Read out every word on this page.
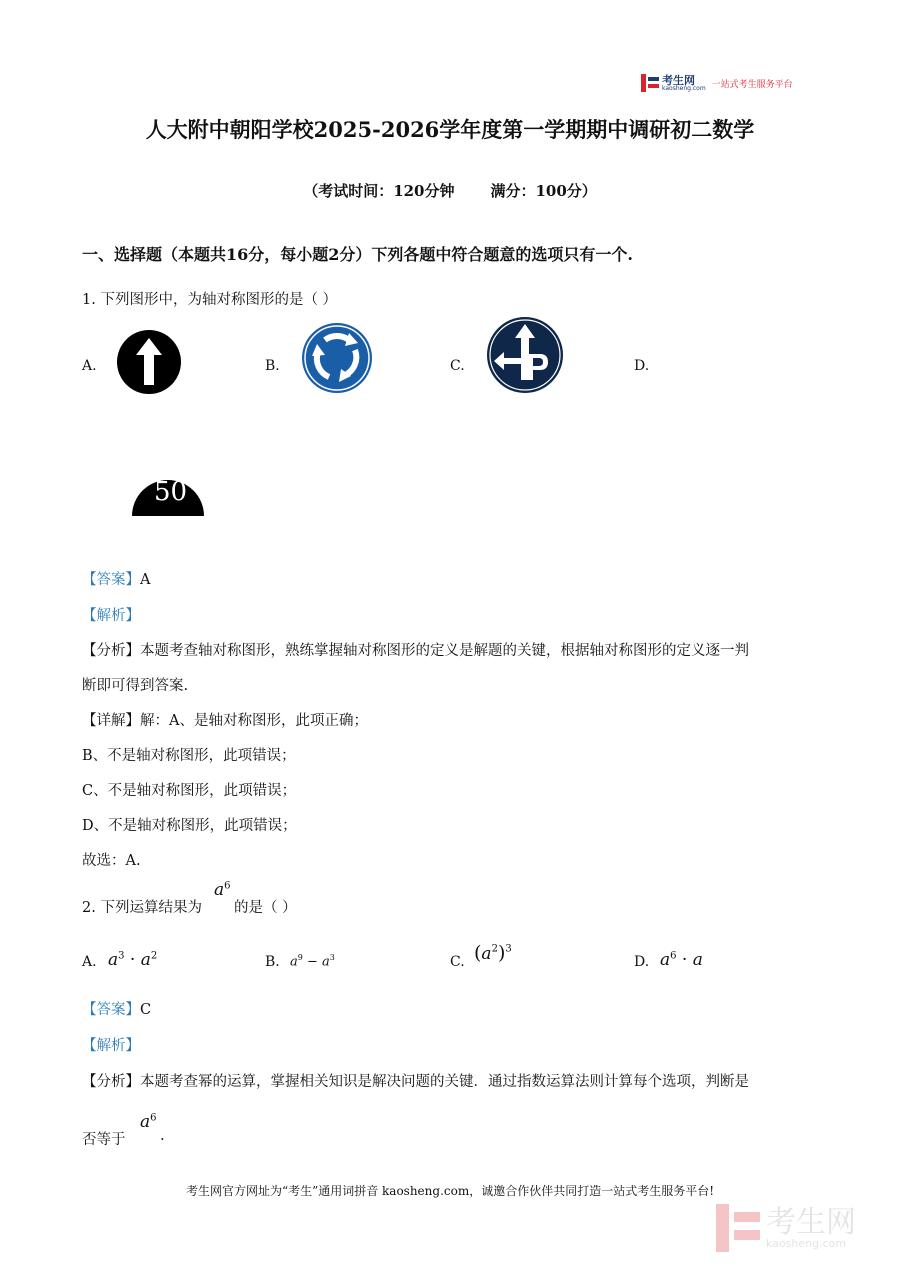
考生网
kaosheng.com 一站式考生服务平台
人大附中朝阳学校2025-2026学年度第一学期期中调研初二数学
（考试时间：120分钟 满分：100分）
一、选择题（本题共16分，每小题2分）下列各题中符合题意的选项只有一个.
1. 下列图形中，为轴对称图形的是（ ）
A.	B.	C.	D.
50
【答案】A
【解析】
【分析】本题考查轴对称图形，熟练掌握轴对称图形的定义是解题的关键，根据轴对称图形的定义逐一判
断即可得到答案.
【详解】解：A、是轴对称图形，此项正确；
B、不是轴对称图形，此项错误；
C、不是轴对称图形，此项错误；
D、不是轴对称图形，此项错误；
故选：A.
2. 下列运算结果为
$a^6$
的是（ ）
A. $a^3 \cdot a^2$	B. $a^9 - a^3$	C. $(a^2)^3$
D. $a^6 \cdot a$
【答案】C
【解析】
【分析】本题考查幂的运算，掌握相关知识是解决问题的关键．通过指数运算法则计算每个选项，判断是
否等于
$a^6$
.
考生网官方网址为“考生”通用词拼音 kaosheng.com，诚邀合作伙伴共同打造一站式考生服务平台!
考生网
kaosheng.com
